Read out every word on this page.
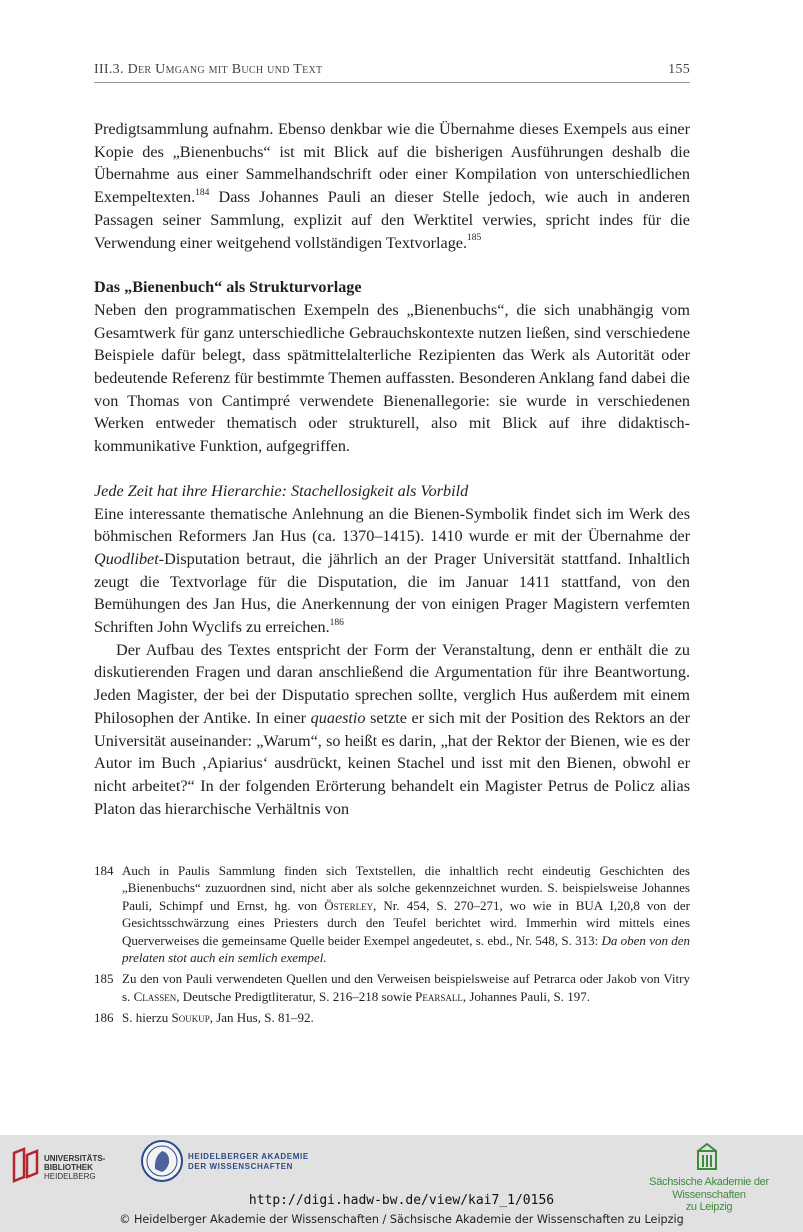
III.3. Der Umgang mit Buch und Text	155

Predigtsammlung aufnahm. Ebenso denkbar wie die Übernahme dieses Exempels aus einer Kopie des „Bienenbuchs“ ist mit Blick auf die bisherigen Ausführungen deshalb die Übernahme aus einer Sammelhandschrift oder einer Kompilation von unterschiedlichen Exempeltexten.$^{184}$ Dass Johannes Pauli an dieser Stelle jedoch, wie auch in anderen Passagen seiner Sammlung, explizit auf den Werktitel verwies, spricht indes für die Verwendung einer weitgehend vollständigen Textvorlage.$^{185}$

Das „Bienenbuch“ als Strukturvorlage

Neben den programmatischen Exempeln des „Bienenbuchs“, die sich unabhängig vom Gesamtwerk für ganz unterschiedliche Gebrauchskontexte nutzen ließen, sind verschiedene Beispiele dafür belegt, dass spätmittelalterliche Rezipienten das Werk als Autorität oder bedeutende Referenz für bestimmte Themen auffassten. Besonderen Anklang fand dabei die von Thomas von Cantimpré verwendete Bienenallegorie: sie wurde in verschiedenen Werken entweder thematisch oder strukturell, also mit Blick auf ihre didaktisch-kommunikative Funktion, aufgegriffen.

Jede Zeit hat ihre Hierarchie: Stachellosigkeit als Vorbild

Eine interessante thematische Anlehnung an die Bienen-Symbolik findet sich im Werk des böhmischen Reformers Jan Hus (ca. 1370–1415). 1410 wurde er mit der Übernahme der Quodlibet-Disputation betraut, die jährlich an der Prager Universität stattfand. Inhaltlich zeugt die Textvorlage für die Disputation, die im Januar 1411 stattfand, von den Bemühungen des Jan Hus, die Anerkennung der von einigen Prager Magistern verfemten Schriften John Wyclifs zu erreichen.$^{186}$

Der Aufbau des Textes entspricht der Form der Veranstaltung, denn er enthält die zu diskutierenden Fragen und daran anschließend die Argumentation für ihre Beantwortung. Jeden Magister, der bei der Disputatio sprechen sollte, verglich Hus außerdem mit einem Philosophen der Antike. In einer quaestio setzte er sich mit der Position des Rektors an der Universität auseinander: „Warum“, so heißt es darin, „hat der Rektor der Bienen, wie es der Autor im Buch ‚Apiarius‘ ausdrückt, keinen Stachel und isst mit den Bienen, obwohl er nicht arbeitet?“ In der folgenden Erörterung behandelt ein Magister Petrus de Policz alias Platon das hierarchische Verhältnis von

184 Auch in Paulis Sammlung finden sich Textstellen, die inhaltlich recht eindeutig Geschichten des „Bienenbuchs“ zuzuordnen sind, nicht aber als solche gekennzeichnet wurden. S. beispielsweise Johannes Pauli, Schimpf und Ernst, hg. von Österley, Nr. 454, S. 270–271, wo wie in BUA I,20,8 von der Gesichtsschwärzung eines Priesters durch den Teufel berichtet wird. Immerhin wird mittels eines Querverweises die gemeinsame Quelle beider Exempel angedeutet, s. ebd., Nr. 548, S. 313: Da oben von den prelaten stot auch ein semlich exempel.
185 Zu den von Pauli verwendeten Quellen und den Verweisen beispielsweise auf Petrarca oder Jakob von Vitry s. Classen, Deutsche Predigtliteratur, S. 216–218 sowie Pearsall, Johannes Pauli, S. 197.
186 S. hierzu Soukup, Jan Hus, S. 81–92.
UNIVERSITÄTS-
BIBLIOTHEK
HEIDELBERG
HEIDELBERGER AKADEMIE
DER WISSENSCHAFTEN
Sächsische Akademie der Wissenschaften
zu Leipzig
http://digi.hadw-bw.de/view/kai7_1/0156
© Heidelberger Akademie der Wissenschaften / Sächsische Akademie der Wissenschaften zu Leipzig
